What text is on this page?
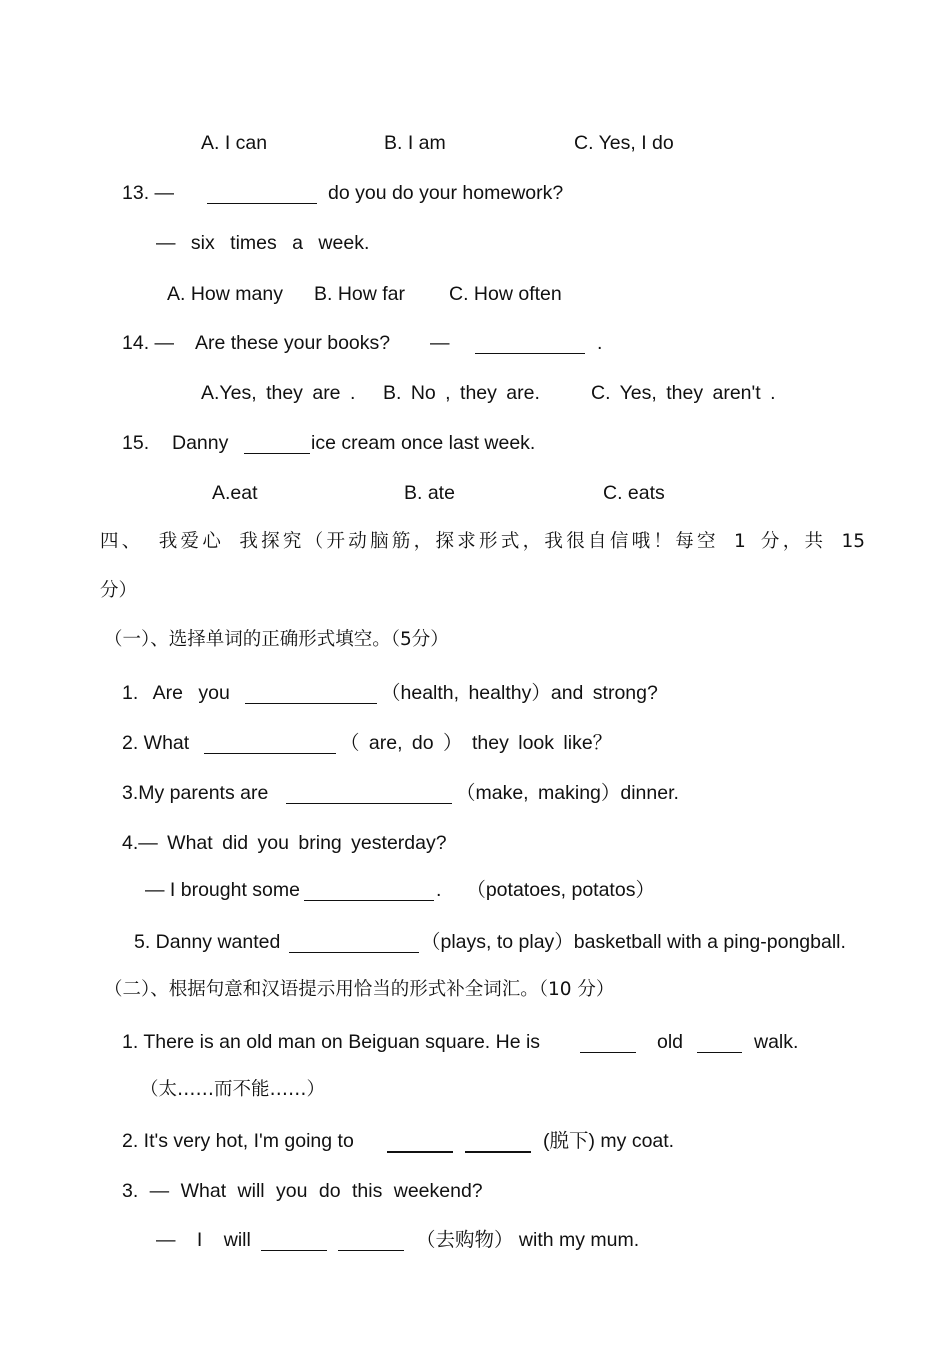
A. I can	B. I am	C. Yes, I do
13. —	do you do your homework?
— six times a week.
A. How many B. How far C. How often
14. — Are these your books? —	.
A.Yes, they are . B. No , they are.	C. Yes, they aren't .
15. Danny	ice cream once last week.
A.eat	B. ate	C. eats
四、 我爱心 我探究（开动脑筋，探求形式，我很自信哦！每空 1 分，共 15
分）
（一）、选择单词的正确形式填空。（5分）
1. Are you	（health, healthy）and strong?
2. What	（ are, do ） they look like？
3.My parents are	（make, making）dinner.
4.— What did you bring yesterday?
— I brought some	.　 （potatoes, potatos）
5. Danny wanted	（plays, to play）basketball with a ping-pongball.
（二）、根据句意和汉语提示用恰当的形式补全词汇。（10 分）
1. There is an old man on Beiguan square. He is	old	walk.
（太……而不能……）
2. It's very hot, I'm going to	(脱下) my coat.
3. — What will you do this weekend?
— I will	（去购物） with my mum.
